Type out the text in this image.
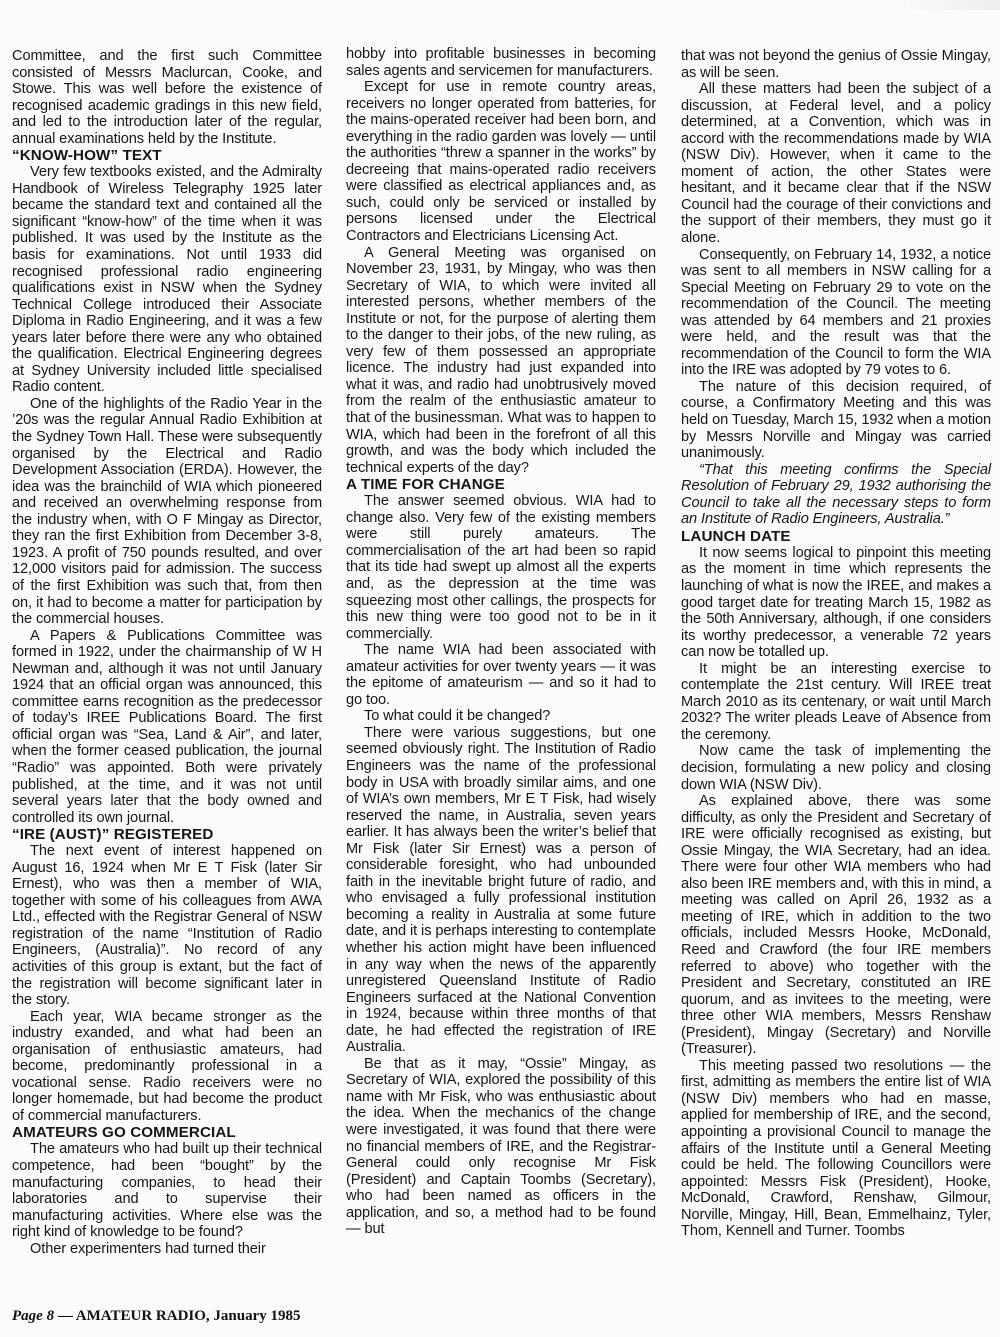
Committee, and the first such Committee consisted of Messrs Maclurcan, Cooke, and Stowe. This was well before the existence of recognised academic gradings in this new field, and led to the introduction later of the regular, annual examinations held by the Institute.

“KNOW-HOW” TEXT

Very few textbooks existed, and the Admiralty Handbook of Wireless Telegraphy 1925 later became the standard text and contained all the significant “know-how” of the time when it was published. It was used by the Institute as the basis for examinations. Not until 1933 did recognised professional radio engineering qualifications exist in NSW when the Sydney Technical College introduced their Associate Diploma in Radio Engineering, and it was a few years later before there were any who obtained the qualification. Electrical Engineering degrees at Sydney University included little specialised Radio content.

One of the highlights of the Radio Year in the ’20s was the regular Annual Radio Exhibition at the Sydney Town Hall. These were subsequently organised by the Electrical and Radio Development Association (ERDA). However, the idea was the brainchild of WIA which pioneered and received an overwhelming response from the industry when, with O F Mingay as Director, they ran the first Exhibition from December 3-8, 1923. A profit of 750 pounds resulted, and over 12,000 visitors paid for admission. The success of the first Exhibition was such that, from then on, it had to become a matter for participation by the commercial houses.

A Papers & Publications Committee was formed in 1922, under the chairmanship of W H Newman and, although it was not until January 1924 that an official organ was announced, this committee earns recognition as the predecessor of today’s IREE Publications Board. The first official organ was “Sea, Land & Air”, and later, when the former ceased publication, the journal “Radio” was appointed. Both were privately published, at the time, and it was not until several years later that the body owned and controlled its own journal.

“IRE (AUST)” REGISTERED

The next event of interest happened on August 16, 1924 when Mr E T Fisk (later Sir Ernest), who was then a member of WIA, together with some of his colleagues from AWA Ltd., effected with the Registrar General of NSW registration of the name “Institution of Radio Engineers, (Australia)”. No record of any activities of this group is extant, but the fact of the registration will become significant later in the story.

Each year, WIA became stronger as the industry exanded, and what had been an organisation of enthusiastic amateurs, had become, predominantly professional in a vocational sense. Radio receivers were no longer homemade, but had become the product of commercial manufacturers.

AMATEURS GO COMMERCIAL

The amateurs who had built up their technical competence, had been “bought” by the manufacturing companies, to head their laboratories and to supervise their manufacturing activities. Where else was the right kind of knowledge to be found?

Other experimenters had turned their

hobby into profitable businesses in becoming sales agents and servicemen for manufacturers.

Except for use in remote country areas, receivers no longer operated from batteries, for the mains-operated receiver had been born, and everything in the radio garden was lovely — until the authorities “threw a spanner in the works” by decreeing that mains-operated radio receivers were classified as electrical appliances and, as such, could only be serviced or installed by persons licensed under the Electrical Contractors and Electricians Licensing Act.

A General Meeting was organised on November 23, 1931, by Mingay, who was then Secretary of WIA, to which were invited all interested persons, whether members of the Institute or not, for the purpose of alerting them to the danger to their jobs, of the new ruling, as very few of them possessed an appropriate licence. The industry had just expanded into what it was, and radio had unobtrusively moved from the realm of the enthusiastic amateur to that of the businessman. What was to happen to WIA, which had been in the forefront of all this growth, and was the body which included the technical experts of the day?

A TIME FOR CHANGE

The answer seemed obvious. WIA had to change also. Very few of the existing members were still purely amateurs. The commercialisation of the art had been so rapid that its tide had swept up almost all the experts and, as the depression at the time was squeezing most other callings, the prospects for this new thing were too good not to be in it commercially.

The name WIA had been associated with amateur activities for over twenty years — it was the epitome of amateurism — and so it had to go too.

To what could it be changed?

There were various suggestions, but one seemed obviously right. The Institution of Radio Engineers was the name of the professional body in USA with broadly similar aims, and one of WIA’s own members, Mr E T Fisk, had wisely reserved the name, in Australia, seven years earlier. It has always been the writer’s belief that Mr Fisk (later Sir Ernest) was a person of considerable foresight, who had unbounded faith in the inevitable bright future of radio, and who envisaged a fully professional institution becoming a reality in Australia at some future date, and it is perhaps interesting to contemplate whether his action might have been influenced in any way when the news of the apparently unregistered Queensland Institute of Radio Engineers surfaced at the National Convention in 1924, because within three months of that date, he had effected the registration of IRE Australia.

Be that as it may, “Ossie” Mingay, as Secretary of WIA, explored the possibility of this name with Mr Fisk, who was enthusiastic about the idea. When the mechanics of the change were investigated, it was found that there were no financial members of IRE, and the Registrar-General could only recognise Mr Fisk (President) and Captain Toombs (Secretary), who had been named as officers in the application, and so, a method had to be found — but

that was not beyond the genius of Ossie Mingay, as will be seen.

All these matters had been the subject of a discussion, at Federal level, and a policy determined, at a Convention, which was in accord with the recommendations made by WIA (NSW Div). However, when it came to the moment of action, the other States were hesitant, and it became clear that if the NSW Council had the courage of their convictions and the support of their members, they must go it alone.

Consequently, on February 14, 1932, a notice was sent to all members in NSW calling for a Special Meeting on February 29 to vote on the recommendation of the Council. The meeting was attended by 64 members and 21 proxies were held, and the result was that the recommendation of the Council to form the WIA into the IRE was adopted by 79 votes to 6.

The nature of this decision required, of course, a Confirmatory Meeting and this was held on Tuesday, March 15, 1932 when a motion by Messrs Norville and Mingay was carried unanimously.

“That this meeting confirms the Special Resolution of February 29, 1932 authorising the Council to take all the necessary steps to form an Institute of Radio Engineers, Australia.”

LAUNCH DATE

It now seems logical to pinpoint this meeting as the moment in time which represents the launching of what is now the IREE, and makes a good target date for treating March 15, 1982 as the 50th Anniversary, although, if one considers its worthy predecessor, a venerable 72 years can now be totalled up.

It might be an interesting exercise to contemplate the 21st century. Will IREE treat March 2010 as its centenary, or wait until March 2032? The writer pleads Leave of Absence from the ceremony.

Now came the task of implementing the decision, formulating a new policy and closing down WIA (NSW Div).

As explained above, there was some difficulty, as only the President and Secretary of IRE were officially recognised as existing, but Ossie Mingay, the WIA Secretary, had an idea. There were four other WIA members who had also been IRE members and, with this in mind, a meeting was called on April 26, 1932 as a meeting of IRE, which in addition to the two officials, included Messrs Hooke, McDonald, Reed and Crawford (the four IRE members referred to above) who together with the President and Secretary, constituted an IRE quorum, and as invitees to the meeting, were three other WIA members, Messrs Renshaw (President), Mingay (Secretary) and Norville (Treasurer).

This meeting passed two resolutions — the first, admitting as members the entire list of WIA (NSW Div) members who had en masse, applied for membership of IRE, and the second, appointing a provisional Council to manage the affairs of the Institute until a General Meeting could be held. The following Councillors were appointed: Messrs Fisk (President), Hooke, McDonald, Crawford, Renshaw, Gilmour, Norville, Mingay, Hill, Bean, Emmelhainz, Tyler, Thom, Kennell and Turner. Toombs

Page 8 — AMATEUR RADIO, January 1985
